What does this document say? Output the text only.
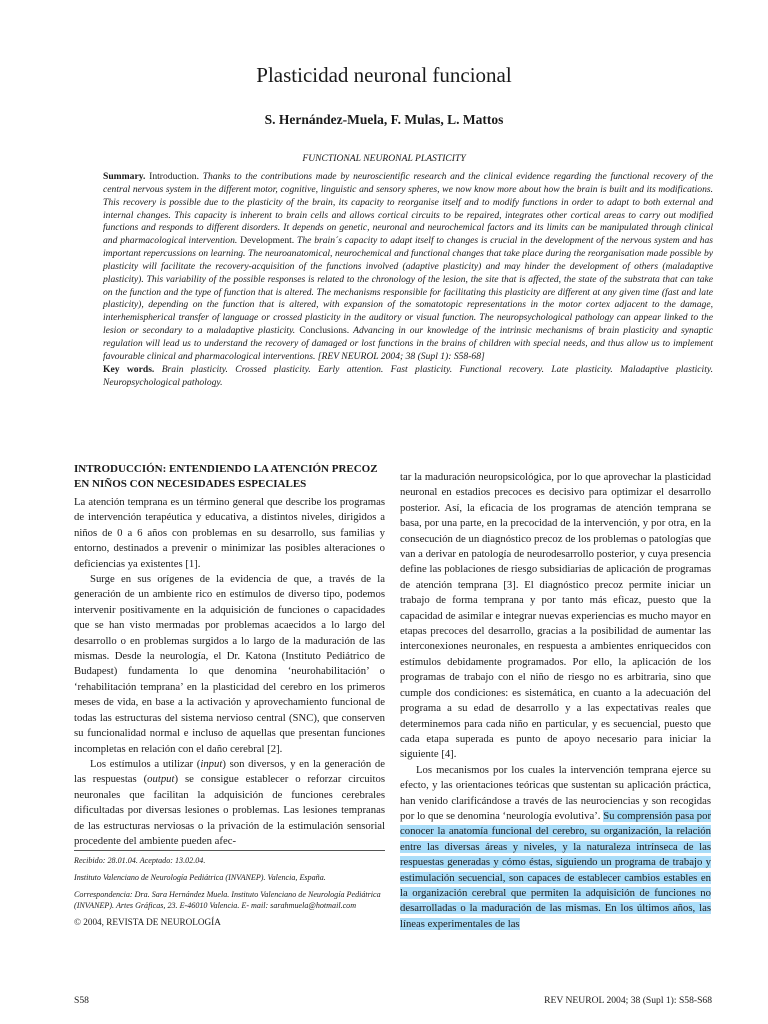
Plasticidad neuronal funcional
S. Hernández-Muela, F. Mulas, L. Mattos
FUNCTIONAL NEURONAL PLASTICITY

Summary. Introduction. Thanks to the contributions made by neuroscientific research and the clinical evidence regarding the functional recovery of the central nervous system in the different motor, cognitive, linguistic and sensory spheres, we now know more about how the brain is built and its modifications. This recovery is possible due to the plasticity of the brain, its capacity to reorganise itself and to modify functions in order to adapt to both external and internal changes. This capacity is inherent to brain cells and allows cortical circuits to be repaired, integrates other cortical areas to carry out modified functions and responds to different disorders. It depends on genetic, neuronal and neurochemical factors and its limits can be manipulated through clinical and pharmacological intervention. Development. The brain´s capacity to adapt itself to changes is crucial in the development of the nervous system and has important repercussions on learning. The neuroanatomical, neurochemical and functional changes that take place during the reorganisation made possible by plasticity will facilitate the recovery-acquisition of the functions involved (adaptive plasticity) and may hinder the development of others (maladaptive plasticity). This variability of the possible responses is related to the chronology of the lesion, the site that is affected, the state of the substrata that can take on the function and the type of function that is altered. The mechanisms responsible for facilitating this plasticity are different at any given time (fast and late plasticity), depending on the function that is altered, with expansion of the somatotopic representations in the motor cortex adjacent to the damage, interhemispherical transfer of language or crossed plasticity in the auditory or visual function. The neuropsychological pathology can appear linked to the lesion or secondary to a maladaptive plasticity. Conclusions. Advancing in our knowledge of the intrinsic mechanisms of brain plasticity and synaptic regulation will lead us to understand the recovery of damaged or lost functions in the brains of children with special needs, and thus allow us to implement favourable clinical and pharmacological interventions. [REV NEUROL 2004; 38 (Supl 1): S58-68]

Key words. Brain plasticity. Crossed plasticity. Early attention. Fast plasticity. Functional recovery. Late plasticity. Maladaptive plasticity. Neuropsychological pathology.

INTRODUCCIÓN: ENTENDIENDO LA ATENCIÓN PRECOZ EN NIÑOS CON NECESIDADES ESPECIALES

La atención temprana es un término general que describe los programas de intervención terapéutica y educativa, a distintos niveles, dirigidos a niños de 0 a 6 años con problemas en su desarrollo, sus familias y entorno, destinados a prevenir o minimizar las posibles alteraciones o deficiencias ya existentes [1].

Surge en sus orígenes de la evidencia de que, a través de la generación de un ambiente rico en estímulos de diverso tipo, podemos intervenir positivamente en la adquisición de funciones o capacidades que se han visto mermadas por problemas acaecidos a lo largo del desarrollo o en problemas surgidos a lo largo de la maduración de las mismas. Desde la neurología, el Dr. Katona (Instituto Pediátrico de Budapest) fundamenta lo que denomina ‘neurohabilitación’ o ‘rehabilitación temprana’ en la plasticidad del cerebro en los primeros meses de vida, en base a la activación y aprovechamiento funcional de todas las estructuras del sistema nervioso central (SNC), que conserven su funcionalidad normal e incluso de aquellas que presentan funciones incompletas en relación con el daño cerebral [2].

Los estímulos a utilizar (input) son diversos, y en la generación de las respuestas (output) se consigue establecer o reforzar circuitos neuronales que facilitan la adquisición de funciones cerebrales dificultadas por diversas lesiones o problemas. Las lesiones tempranas de las estructuras nerviosas o la privación de la estimulación sensorial procedente del ambiente pueden afec-

Recibido: 28.01.04. Aceptado: 13.02.04.

Instituto Valenciano de Neurología Pediátrica (INVANEP). Valencia, España.

Correspondencia: Dra. Sara Hernández Muela. Instituto Valenciano de Neurología Pediátrica (INVANEP). Artes Gráficas, 23. E-46010 Valencia. E- mail: sarahmuela@hotmail.com

© 2004, REVISTA DE NEUROLOGÍA

tar la maduración neuropsicológica, por lo que aprovechar la plasticidad neuronal en estadios precoces es decisivo para optimizar el desarrollo posterior. Así, la eficacia de los programas de atención temprana se basa, por una parte, en la precocidad de la intervención, y por otra, en la consecución de un diagnóstico precoz de los problemas o patologías que van a derivar en patología de neurodesarrollo posterior, y cuya presencia define las poblaciones de riesgo subsidiarias de aplicación de programas de atención temprana [3]. El diagnóstico precoz permite iniciar un trabajo de forma temprana y por tanto más eficaz, puesto que la capacidad de asimilar e integrar nuevas experiencias es mucho mayor en etapas precoces del desarrollo, gracias a la posibilidad de aumentar las interconexiones neuronales, en respuesta a ambientes enriquecidos con estímulos debidamente programados. Por ello, la aplicación de los programas de trabajo con el niño de riesgo no es arbitraria, sino que cumple dos condiciones: es sistemática, en cuanto a la adecuación del programa a su edad de desarrollo y a las expectativas reales que determinemos para cada niño en particular, y es secuencial, puesto que cada etapa superada es punto de apoyo necesario para iniciar la siguiente [4].

Los mecanismos por los cuales la intervención temprana ejerce su efecto, y las orientaciones teóricas que sustentan su aplicación práctica, han venido clarificándose a través de las neurociencias y son recogidas por lo que se denomina ‘neurología evolutiva’. Su comprensión pasa por conocer la anatomía funcional del cerebro, su organización, la relación entre las diversas áreas y niveles, y la naturaleza intrínseca de las respuestas generadas y cómo éstas, siguiendo un programa de trabajo y estimulación secuencial, son capaces de establecer cambios estables en la organización cerebral que permiten la adquisición de funciones no desarrolladas o la maduración de las mismas. En los últimos años, las líneas experimentales de las

S58	REV NEUROL 2004; 38 (Supl 1): S58-S68
